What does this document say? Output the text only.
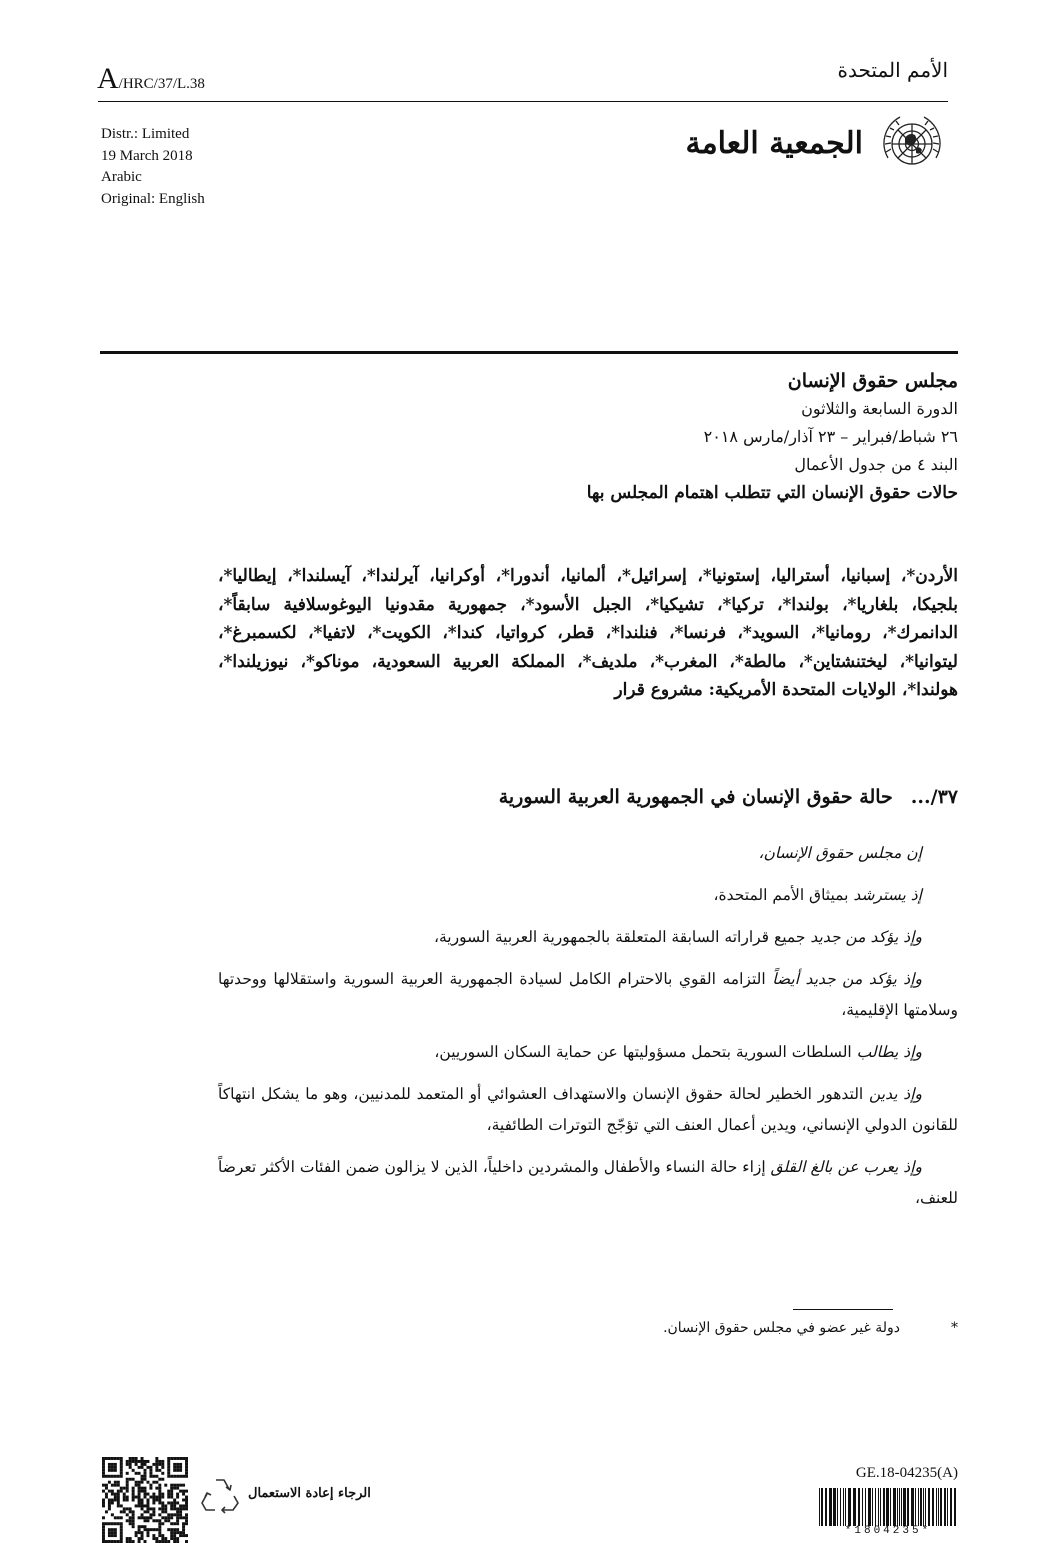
A/HRC/37/L.38
الأمم المتحدة
Distr.: Limited
19 March 2018
Arabic
Original: English
الجمعية العامة
مجلس حقوق الإنسان
الدورة السابعة والثلاثون
٢٦ شباط/فبراير – ٢٣ آذار/مارس ٢٠١٨
البند ٤ من جدول الأعمال
حالات حقوق الإنسان التي تتطلب اهتمام المجلس بها
الأردن*، إسبانيا، أستراليا، إستونيا*، إسرائيل*، ألمانيا، أندورا*، أوكرانيا، آيرلندا*، آيسلندا*، إيطاليا*، بلجيكا، بلغاريا*، بولندا*، تركيا*، تشيكيا*، الجبل الأسود*، جمهورية مقدونيا اليوغوسلافية سابقاً*، الدانمرك*، رومانيا*، السويد*، فرنسا*، فنلندا*، قطر، كرواتيا، كندا*، الكويت*، لاتفيا*، لكسمبرغ*، ليتوانيا*، ليختنشتاين*، مالطة*، المغرب*، ملديف*، المملكة العربية السعودية، موناكو*، نيوزيلندا*، هولندا*، الولايات المتحدة الأمريكية: مشروع قرار
٣٧/...حالة حقوق الإنسان في الجمهورية العربية السورية

إن مجلس حقوق الإنسان،

إذ يسترشد بميثاق الأمم المتحدة،

وإذ يؤكد من جديد جميع قراراته السابقة المتعلقة بالجمهورية العربية السورية،

وإذ يؤكد من جديد أيضاً التزامه القوي بالاحترام الكامل لسيادة الجمهورية العربية السورية واستقلالها ووحدتها وسلامتها الإقليمية،

وإذ يطالب السلطات السورية بتحمل مسؤوليتها عن حماية السكان السوريين،

وإذ يدين التدهور الخطير لحالة حقوق الإنسان والاستهداف العشوائي أو المتعمد للمدنيين، وهو ما يشكل انتهاكاً للقانون الدولي الإنساني، ويدين أعمال العنف التي تؤجّج التوترات الطائفية،

وإذ يعرب عن بالغ القلق إزاء حالة النساء والأطفال والمشردين داخلياً، الذين لا يزالون ضمن الفئات الأكثر تعرضاً للعنف،

*دولة غير عضو في مجلس حقوق الإنسان.
الرجاء إعادة الاستعمال
GE.18-04235(A)
*1804235*
